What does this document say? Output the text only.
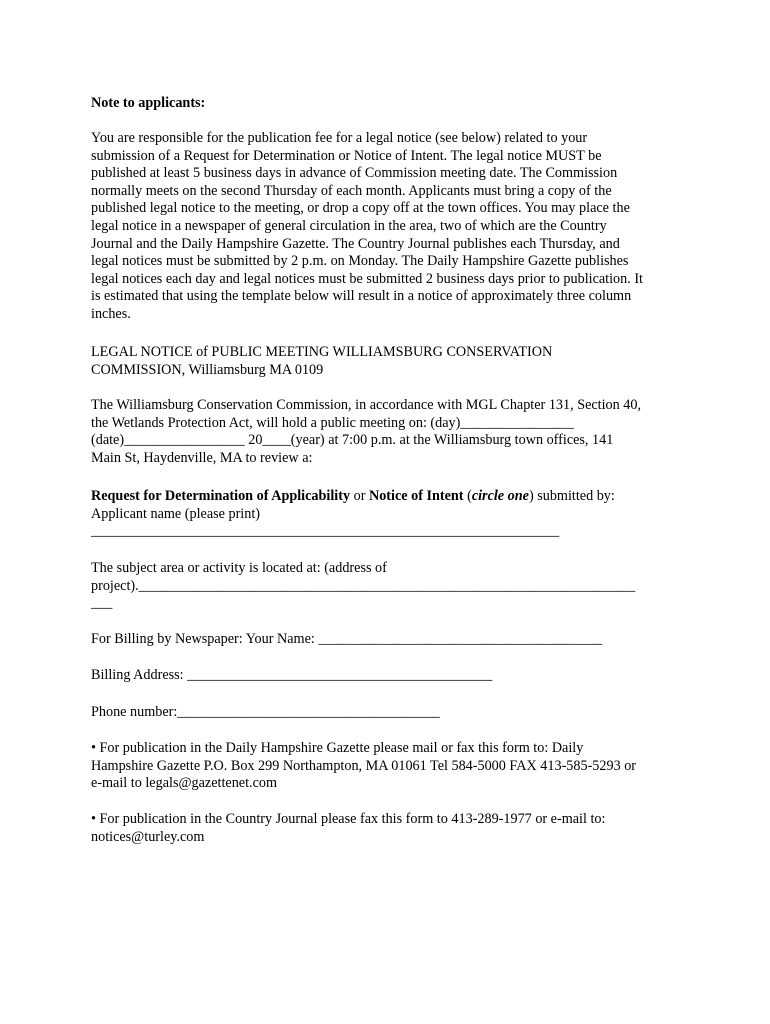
Note to applicants:
You are responsible for the publication fee for a legal notice (see below) related to your
submission of a Request for Determination or Notice of Intent. The legal notice MUST be
published at least 5 business days in advance of Commission meeting date. The Commission
normally meets on the second Thursday of each month. Applicants must bring a copy of the
published legal notice to the meeting, or drop a copy off at the town offices. You may place the
legal notice in a newspaper of general circulation in the area, two of which are the Country
Journal and the Daily Hampshire Gazette. The Country Journal publishes each Thursday, and
legal notices must be submitted by 2 p.m. on Monday. The Daily Hampshire Gazette publishes
legal notices each day and legal notices must be submitted 2 business days prior to publication. It
is estimated that using the template below will result in a notice of approximately three column
inches.
LEGAL NOTICE of PUBLIC MEETING WILLIAMSBURG CONSERVATION
COMMISSION, Williamsburg MA 0109
The Williamsburg Conservation Commission, in accordance with MGL Chapter 131, Section 40,
the Wetlands Protection Act, will hold a public meeting on: (day)________________
(date)_________________ 20____(year) at 7:00 p.m. at the Williamsburg town offices, 141
Main St, Haydenville, MA to review a:
Request for Determination of Applicability or Notice of Intent (circle one) submitted by:
Applicant name (please print)
__________________________________________________________________
The subject area or activity is located at: (address of
project).______________________________________________________________________
___
For Billing by Newspaper: Your Name: ________________________________________
Billing Address: ___________________________________________
Phone number:_____________________________________
• For publication in the Daily Hampshire Gazette please mail or fax this form to: Daily
Hampshire Gazette P.O. Box 299 Northampton, MA 01061 Tel 584-5000 FAX 413-585-5293 or
e-mail to legals@gazettenet.com
• For publication in the Country Journal please fax this form to 413-289-1977 or e-mail to:
notices@turley.com
